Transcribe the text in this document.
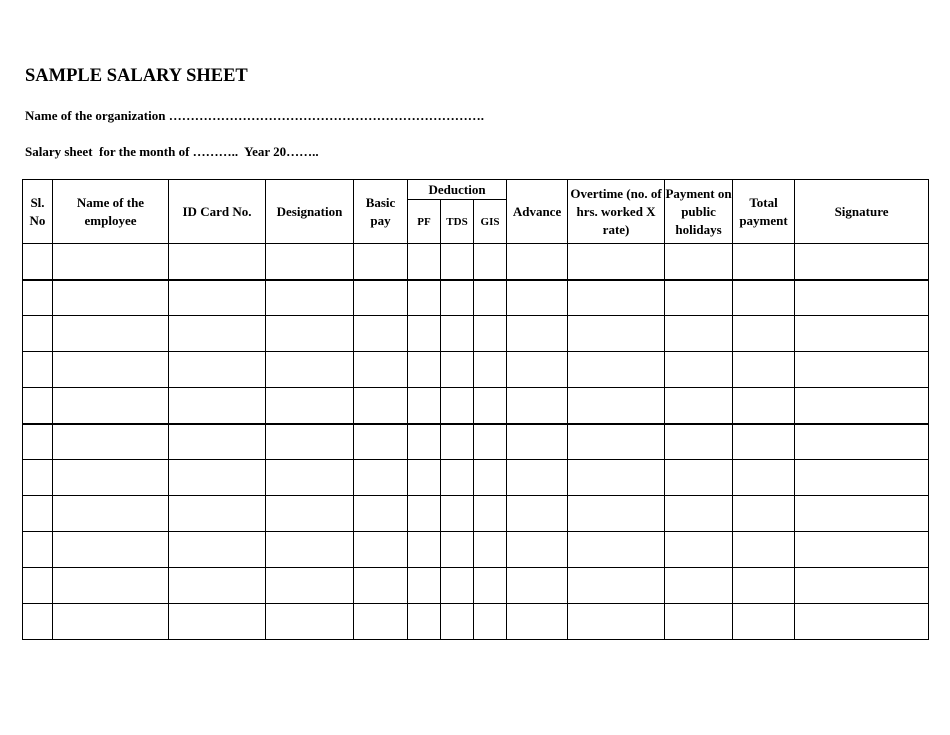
SAMPLE SALARY SHEET
Name of the organization ……………………………………………………………….
Salary sheet  for the month of ………..  Year 20……..
Sl. No	Name of the employee	ID Card No.	Designation	Basic pay	Deduction			Advance	Overtime (no. of hrs. worked X rate)	Payment on public holidays	Total payment	Signature
					PF	TDS	GIS					
